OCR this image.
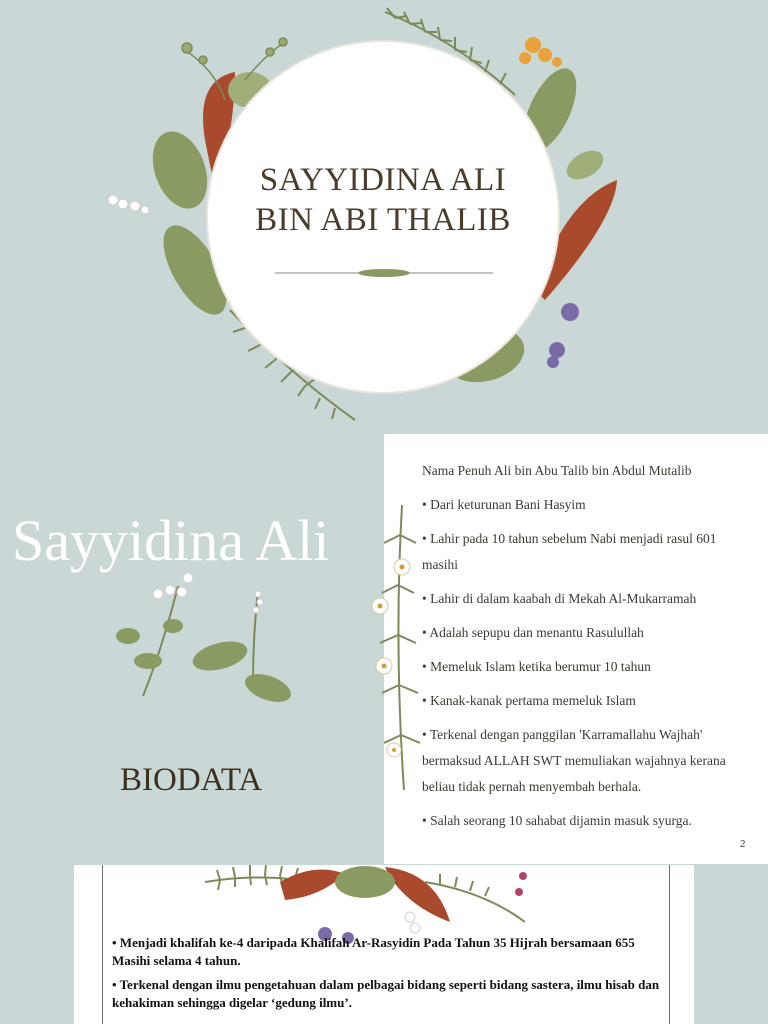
SAYYIDINA ALI
BIN ABI THALIB
Sayyidina Ali
BIODATA
Nama Penuh Ali bin Abu Talib bin Abdul Mutalib
• Dari keturunan Bani Hasyim
• Lahir pada 10 tahun sebelum Nabi menjadi rasul 601 masihi
• Lahir di dalam kaabah di Mekah Al-Mukarramah
• Adalah sepupu dan menantu Rasulullah
• Memeluk Islam ketika berumur 10 tahun
• Kanak-kanak pertama memeluk Islam
• Terkenal dengan panggilan 'Karramallahu Wajhah' bermaksud ALLAH SWT memuliakan wajahnya kerana beliau tidak pernah menyembah berhala.
• Salah seorang 10 sahabat dijamin masuk syurga.
2
• Menjadi khalifah ke-4 daripada Khalifah Ar-Rasyidin Pada Tahun 35 Hijrah bersamaan 655 Masihi selama 4 tahun.
• Terkenal dengan ilmu pengetahuan dalam pelbagai bidang seperti bidang sastera, ilmu hisab dan kehakiman sehingga digelar ‘gedung ilmu’.
